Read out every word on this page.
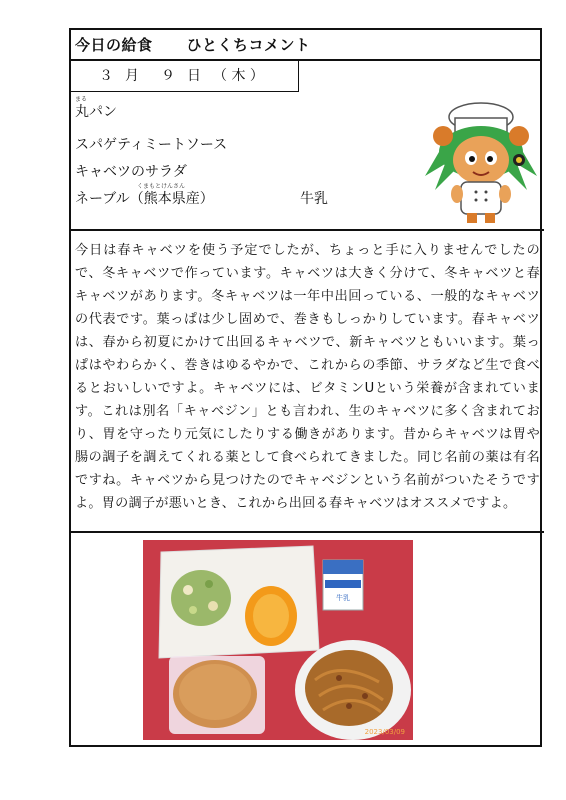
今日の給食 ひとくちコメント
３ 月 ９ 日 （ 木 ）
まる
丸パン
スパゲティミートソース
キャベツのサラダ
くまもとけんさん
ネーブル（熊本県産）	牛乳
今日は春キャベツを使う予定でしたが、ちょっと手に入りませんでしたので、冬キャベツで作っています。キャベツは大きく分けて、冬キャベツと春キャベツがあります。冬キャベツは一年中出回っている、一般的なキャベツの代表です。葉っぱは少し固めで、巻きもしっかりしています。春キャベツは、春から初夏にかけて出回るキャベツで、新キャベツともいいます。葉っぱはやわらかく、巻きはゆるやかで、これからの季節、サラダなど生で食べるとおいしいですよ。キャベツには、ビタミンUという栄養が含まれています。これは別名「キャベジン」とも言われ、生のキャベツに多く含まれており、胃を守ったり元気にしたりする働きがあります。昔からキャベツは胃や腸の調子を調えてくれる薬として食べられてきました。同じ名前の薬は有名ですね。キャベツから見つけたのでキャベジンという名前がついたそうですよ。胃の調子が悪いとき、これから出回る春キャベツはオススメですよ。
牛乳
2023/03/09
